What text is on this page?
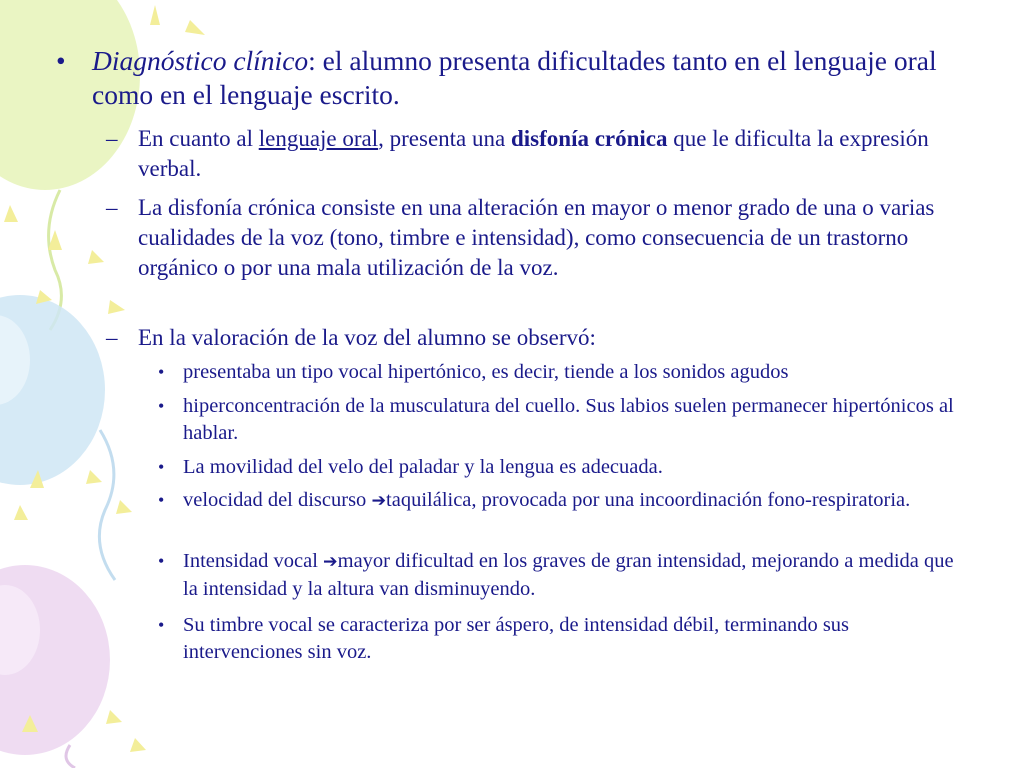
• Diagnóstico clínico: el alumno presenta dificultades tanto en el lenguaje oral como en el lenguaje escrito.
– En cuanto al lenguaje oral, presenta una disfonía crónica que le dificulta la expresión verbal.
– La disfonía crónica consiste en una alteración en mayor o menor grado de una o varias cualidades de la voz (tono, timbre e intensidad), como consecuencia de un trastorno orgánico o por una mala utilización de la voz.
– En la valoración de la voz del alumno se observó:
• presentaba un tipo vocal hipertónico, es decir, tiende a los sonidos agudos
• hiperconcentración de la musculatura del cuello. Sus labios suelen permanecer hipertónicos al hablar.
• La movilidad del velo del paladar y la lengua es adecuada.
• velocidad del discurso ➔taquilálica, provocada por una incoordinación fono-respiratoria.
• Intensidad vocal ➔mayor dificultad en los graves de gran intensidad, mejorando a medida que la intensidad y la altura van disminuyendo.
• Su timbre vocal se caracteriza por ser áspero, de intensidad débil, terminando sus intervenciones sin voz.
